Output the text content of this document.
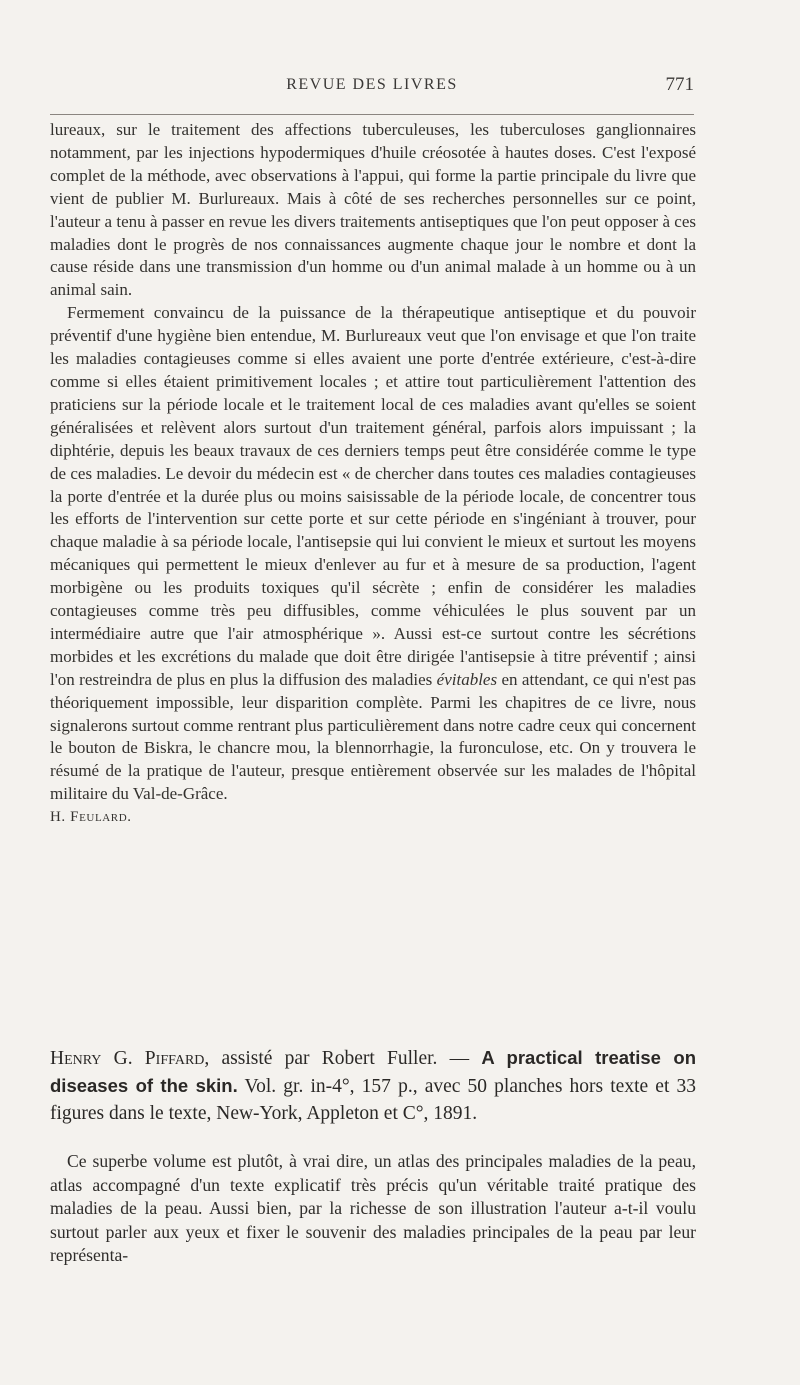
REVUE DES LIVRES	771

lureaux, sur le traitement des affections tuberculeuses, les tuberculoses ganglionnaires notamment, par les injections hypodermiques d'huile créosotée à hautes doses. C'est l'exposé complet de la méthode, avec observations à l'appui, qui forme la partie principale du livre que vient de publier M. Burlureaux. Mais à côté de ses recherches personnelles sur ce point, l'auteur a tenu à passer en revue les divers traitements antiseptiques que l'on peut opposer à ces maladies dont le progrès de nos connaissances augmente chaque jour le nombre et dont la cause réside dans une transmission d'un homme ou d'un animal malade à un homme ou à un animal sain.

Fermement convaincu de la puissance de la thérapeutique antiseptique et du pouvoir préventif d'une hygiène bien entendue, M. Burlureaux veut que l'on envisage et que l'on traite les maladies contagieuses comme si elles avaient une porte d'entrée extérieure, c'est-à-dire comme si elles étaient primitivement locales ; et attire tout particulièrement l'attention des praticiens sur la période locale et le traitement local de ces maladies avant qu'elles se soient généralisées et relèvent alors surtout d'un traitement général, parfois alors impuissant ; la diphtérie, depuis les beaux travaux de ces derniers temps peut être considérée comme le type de ces maladies. Le devoir du médecin est « de chercher dans toutes ces maladies contagieuses la porte d'entrée et la durée plus ou moins saisissable de la période locale, de concentrer tous les efforts de l'intervention sur cette porte et sur cette période en s'ingéniant à trouver, pour chaque maladie à sa période locale, l'antisepsie qui lui convient le mieux et surtout les moyens mécaniques qui permettent le mieux d'enlever au fur et à mesure de sa production, l'agent morbigène ou les produits toxiques qu'il sécrète ; enfin de considérer les maladies contagieuses comme très peu diffusibles, comme véhiculées le plus souvent par un intermédiaire autre que l'air atmosphérique ». Aussi est-ce surtout contre les sécrétions morbides et les excrétions du malade que doit être dirigée l'antisepsie à titre préventif ; ainsi l'on restreindra de plus en plus la diffusion des maladies évitables en attendant, ce qui n'est pas théoriquement impossible, leur disparition complète. Parmi les chapitres de ce livre, nous signalerons surtout comme rentrant plus particulièrement dans notre cadre ceux qui concernent le bouton de Biskra, le chancre mou, la blennorrhagie, la furonculose, etc. On y trouvera le résumé de la pratique de l'auteur, presque entièrement observée sur les malades de l'hôpital militaire du Val-de-Grâce.

H. Feulard.

Henry G. Piffard, assisté par Robert Fuller. — A practical treatise on diseases of the skin. Vol. gr. in-4°, 157 p., avec 50 planches hors texte et 33 figures dans le texte, New-York, Appleton et C°, 1891.
Ce superbe volume est plutôt, à vrai dire, un atlas des principales maladies de la peau, atlas accompagné d'un texte explicatif très précis qu'un véritable traité pratique des maladies de la peau. Aussi bien, par la richesse de son illustration l'auteur a-t-il voulu surtout parler aux yeux et fixer le souvenir des maladies principales de la peau par leur représenta-
